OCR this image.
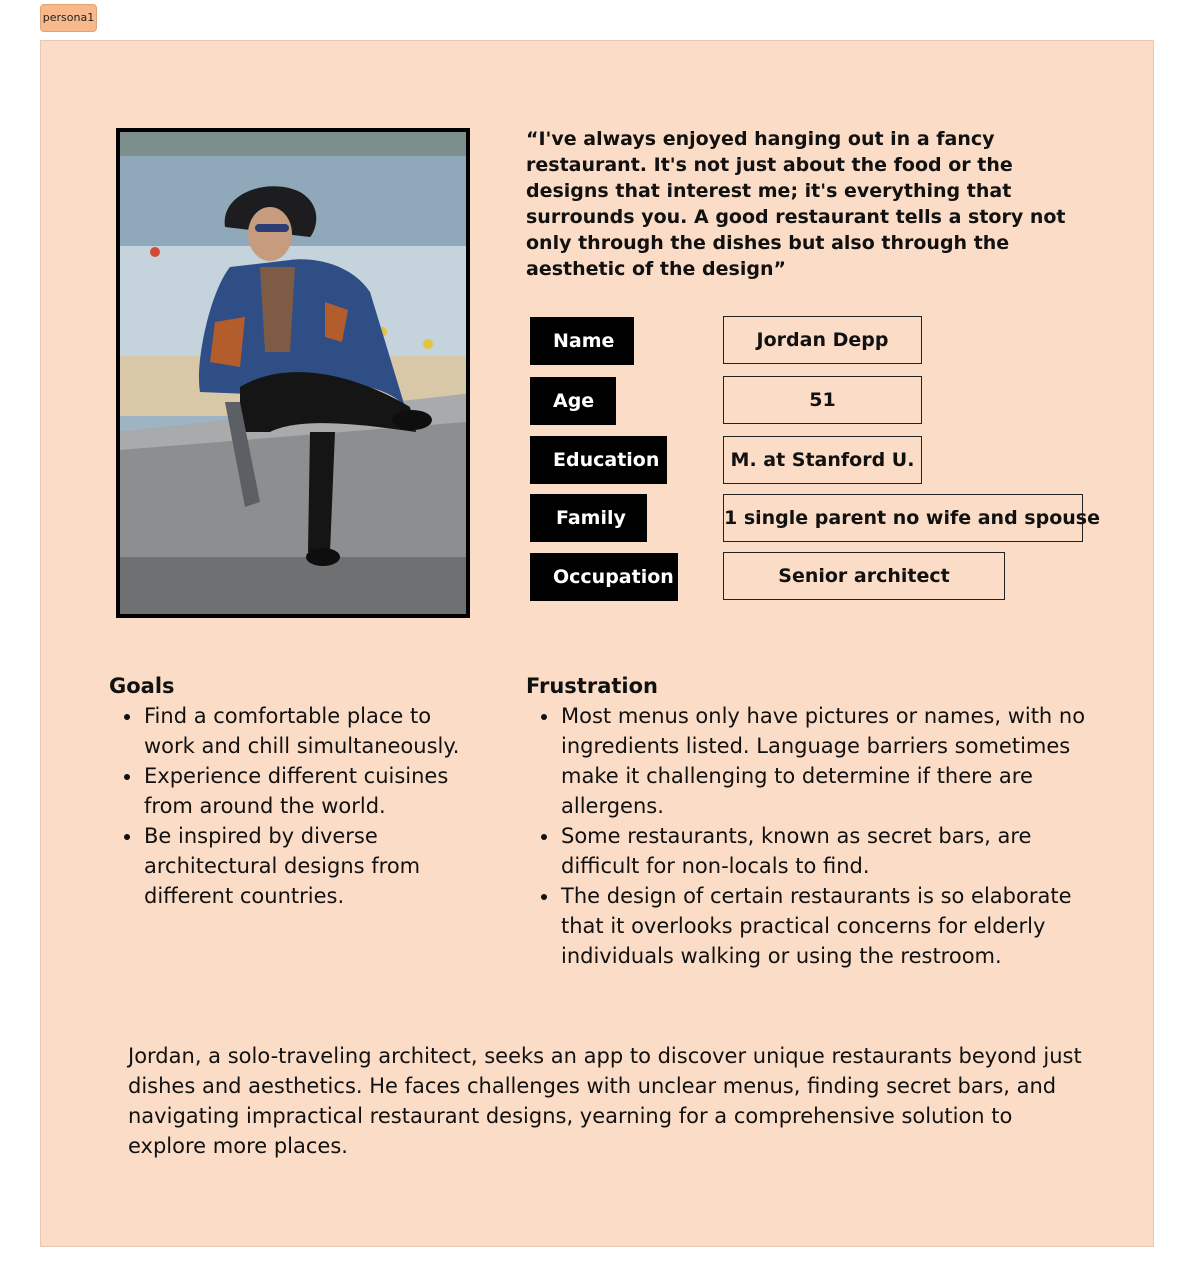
persona1

“I've always enjoyed hanging out in a fancy restaurant. It's not just about the food or the designs that interest me; it's everything that surrounds you. A good restaurant tells a story not only through the dishes but also through the aesthetic of the design”

Name	Jordan Depp
Age	51
Education	M. at Stanford U.
Family	1 single parent no wife and spouse
Occupation	Senior architect
Goals
• Find a comfortable place to work and chill simultaneously.
• Experience different cuisines from around the world.
• Be inspired by diverse architectural designs from different countries.
Frustration
• Most menus only have pictures or names, with no ingredients listed. Language barriers sometimes make it challenging to determine if there are allergens.
• Some restaurants, known as secret bars, are difficult for non-locals to find.
• The design of certain restaurants is so elaborate that it overlooks practical concerns for elderly individuals walking or using the restroom.

Jordan, a solo-traveling architect, seeks an app to discover unique restaurants beyond just dishes and aesthetics. He faces challenges with unclear menus, finding secret bars, and navigating impractical restaurant designs, yearning for a comprehensive solution to explore more places.
